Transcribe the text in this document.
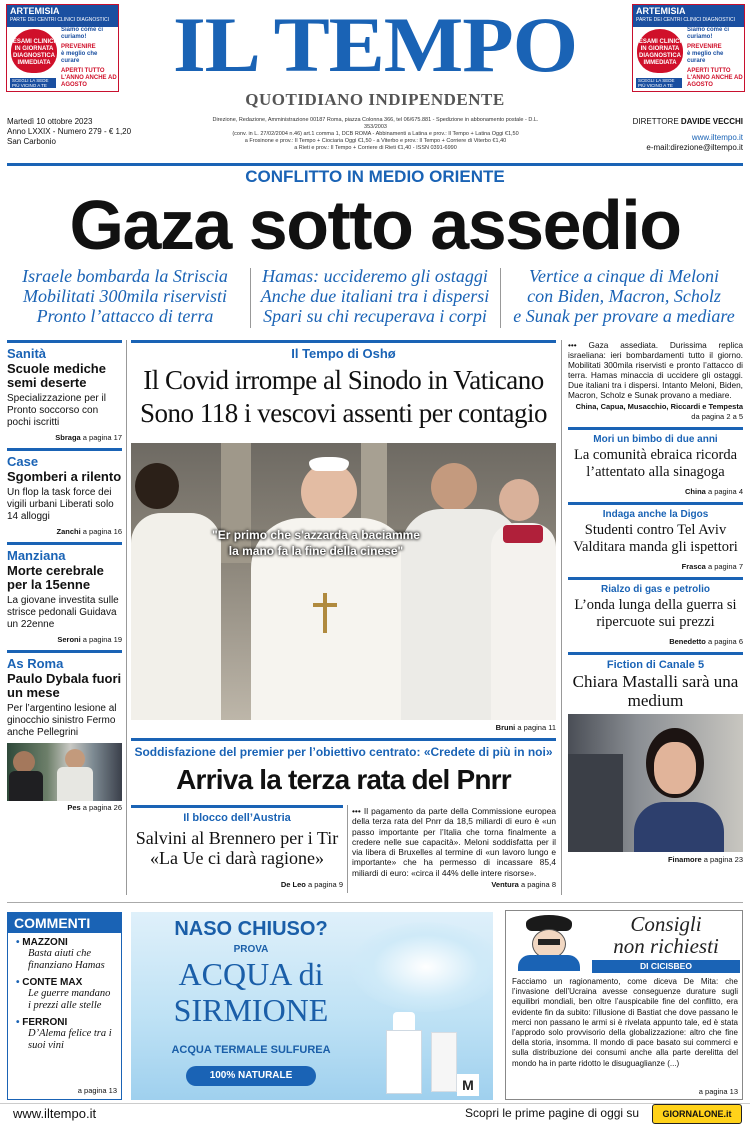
ARTEMISIA
PARTE DEI CENTRI CLINICI DIAGNOSTICI
ESAMI CLINICI IN GIORNATA DIAGNOSTICA IMMEDIATA
Siamo come ci curiamo!
PREVENIRE
è meglio che curare
APERTI TUTTO L'ANNO ANCHE AD AGOSTO
SCEGLI LA SEDE PIÙ VICINO A TE
ARTEMISIA
PARTE DEI CENTRI CLINICI DIAGNOSTICI
ESAMI CLINICI IN GIORNATA DIAGNOSTICA IMMEDIATA
Siamo come ci curiamo!
PREVENIRE
è meglio che curare
APERTI TUTTO L'ANNO ANCHE AD AGOSTO
SCEGLI LA SEDE PIÙ VICINO A TE
IL TEMPO
QUOTIDIANO INDIPENDENTE
Martedì 10 ottobre 2023
Anno LXXIX - Numero 279 - € 1,20
San Carbonio
Direzione, Redazione, Amministrazione 00187 Roma, piazza Colonna 366, tel 06/675.881 - Spedizione in abbonamento postale - D.L. 353/2003
(conv. in L. 27/02/2004 n.46) art.1 comma 1, DCB ROMA - Abbinamenti a Latina e prov.: Il Tempo + Latina Oggi €1,50
a Frosinone e prov.: Il Tempo + Ciociaria Oggi €1,50 - a Viterbo e prov.: Il Tempo + Corriere di Viterbo €1,40
a Rieti e prov.: Il Tempo + Corriere di Rieti €1,40 - ISSN 0391-6990
DIRETTORE DAVIDE VECCHI
www.iltempo.it
e-mail:direzione@iltempo.it
CONFLITTO IN MEDIO ORIENTE
Gaza sotto assedio
Israele bombarda la Striscia
Mobilitati 300mila riservisti
Pronto l’attacco di terra
Hamas: uccideremo gli ostaggi
Anche due italiani tra i dispersi
Spari su chi recuperava i corpi
Vertice a cinque di Meloni
con Biden, Macron, Scholz
e Sunak per provare a mediare
Sanità
Scuole mediche semi deserte
Specializzazione per il Pronto soccorso con pochi iscritti
Sbraga a pagina 17
Case
Sgomberi a rilento
Un flop la task force dei vigili urbani Liberati solo 14 alloggi
Zanchi a pagina 16
Manziana
Morte cerebrale per la 15enne
La giovane investita sulle strisce pedonali Guidava un 22enne
Seroni a pagina 19
As Roma
Paulo Dybala fuori un mese
Per l’argentino lesione al ginocchio sinistro Fermo anche Pellegrini
Pes a pagina 26
Il Tempo di Oshø
Il Covid irrompe al Sinodo in Vaticano
Sono 118 i vescovi assenti per contagio
"Er primo che s'azzarda a baciamme la mano fa la fine della cinese"
Bruni a pagina 11
Soddisfazione del premier per l’obiettivo centrato: «Credete di più in noi»
Arriva la terza rata del Pnrr
Il blocco dell’Austria
Salvini al Brennero per i Tir «La Ue ci darà ragione»
De Leo a pagina 9
••• Il pagamento da parte della Commissione europea della terza rata del Pnrr da 18,5 miliardi di euro è «un passo importante per l’Italia che torna finalmente a credere nelle sue capacità». Meloni soddisfatta per il via libera di Bruxelles al termine di «un lavoro lungo e importante» che ha permesso di incassare 85,4 miliardi di euro: «circa il 44% delle intere risorse».
Ventura a pagina 8
••• Gaza assediata. Durissima replica israeliana: ieri bombardamenti tutto il giorno. Mobilitati 300mila riservisti e pronto l’attacco di terra. Hamas minaccia di uccidere gli ostaggi. Due italiani tra i dispersi. Intanto Meloni, Biden, Macron, Scholz e Sunak provano a mediare.
China, Capua, Musacchio, Riccardi e Tempesta
da pagina 2 a 5
Mori un bimbo di due anni
La comunità ebraica ricorda l’attentato alla sinagoga
China a pagina 4
Indaga anche la Digos
Studenti contro Tel Aviv Valditara manda gli ispettori
Frasca a pagina 7
Rialzo di gas e petrolio
L’onda lunga della guerra si ripercuote sui prezzi
Benedetto a pagina 6
Fiction di Canale 5
Chiara Mastalli sarà una medium
Finamore a pagina 23
COMMENTI
• MAZZONI
Basta aiuti che finanziano Hamas
• CONTE MAX
Le guerre mandano i prezzi alle stelle
• FERRONI
D’Alema felice tra i suoi vini
a pagina 13
NASO CHIUSO?
PROVA
ACQUA di
SIRMIONE
ACQUA TERMALE SULFUREA
100% NATURALE
M
Consigli
non richiesti
DI CICISBEO
Facciamo un ragionamento, come diceva De Mita: che l’invasione dell’Ucraina avesse conseguenze durature sugli equilibri mondiali, ben oltre l’auspicabile fine del conflitto, era evidente fin da subito: l’illusione di Bastiat che dove passano le merci non passano le armi si è rivelata appunto tale, ed è stata l’approdo solo provvisorio della globalizzazione: altro che fine della storia, insomma. Il mondo di pace basato sui commerci e sulla distribuzione dei consumi anche alla parte derelitta del mondo ha in parte ridotto le disuguaglianze (...)
a pagina 13
www.iltempo.it	Scopri le prime pagine di oggi su	GIORNALONE.it
